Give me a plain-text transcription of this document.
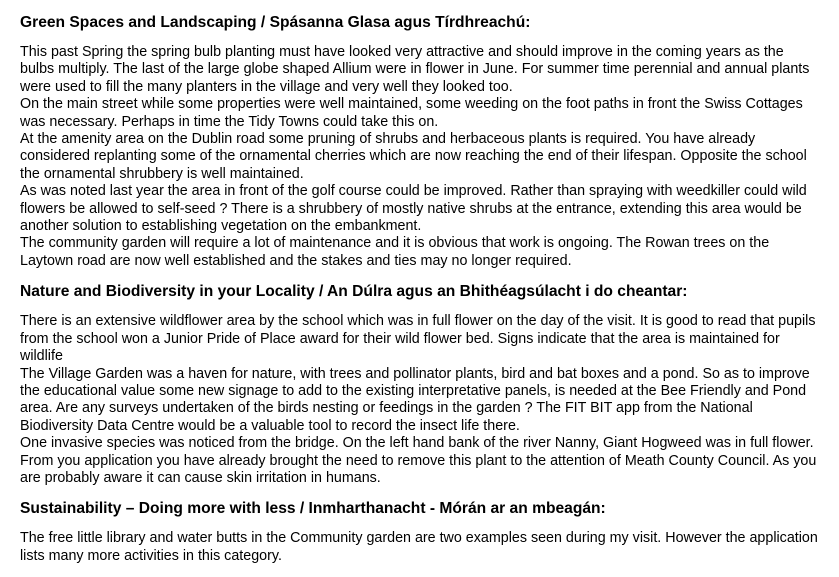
Green Spaces and Landscaping / Spásanna Glasa agus Tírdhreachú:

This past Spring the spring bulb planting must have looked very attractive and should improve in the coming years as the bulbs multiply. The last of the large globe shaped Allium were in flower in June. For summer time perennial and annual plants were used to fill the many planters in the village and very well they looked too.

On the main street while some properties were well maintained, some weeding on the foot paths in front the Swiss Cottages was necessary. Perhaps in time the Tidy Towns could take this on.

At the amenity area on the Dublin road some pruning of shrubs and herbaceous plants is required. You have already considered replanting some of the ornamental cherries which are now reaching the end of their lifespan. Opposite the school the ornamental shrubbery is well maintained.

As was noted last year the area in front of the golf course could be improved. Rather than spraying with weedkiller could wild flowers be allowed to self-seed ? There is a shrubbery of mostly native shrubs at the entrance, extending this area would be another solution to establishing vegetation on the embankment.

The community garden will require a lot of maintenance and it is obvious that work is ongoing. The Rowan trees on the Laytown road are now well established and the stakes and ties may no longer required.

Nature and Biodiversity in your Locality / An Dúlra agus an Bhithéagsúlacht i do cheantar:

There is an extensive wildflower area by the school which was in full flower on the day of the visit. It is good to read that pupils from the school won a Junior Pride of Place award for their wild flower bed. Signs indicate that the area is maintained for wildlife

The Village Garden was a haven for nature, with trees and pollinator plants, bird and bat boxes and a pond. So as to improve the educational value some new signage to add to the existing interpretative panels, is needed at the Bee Friendly and Pond area. Are any surveys undertaken of the birds nesting or feedings in the garden ? The FIT BIT app from the National Biodiversity Data Centre would be a valuable tool to record the insect life there.

One invasive species was noticed from the bridge. On the left hand bank of the river Nanny, Giant Hogweed was in full flower. From you application you have already brought the need to remove this plant to the attention of Meath County Council. As you are probably aware it can cause skin irritation in humans.

Sustainability – Doing more with less / Inmharthanacht - Mórán ar an mbeagán:

The free little library and water butts in the Community garden are two examples seen during my visit. However the application lists many more activities in this category.
